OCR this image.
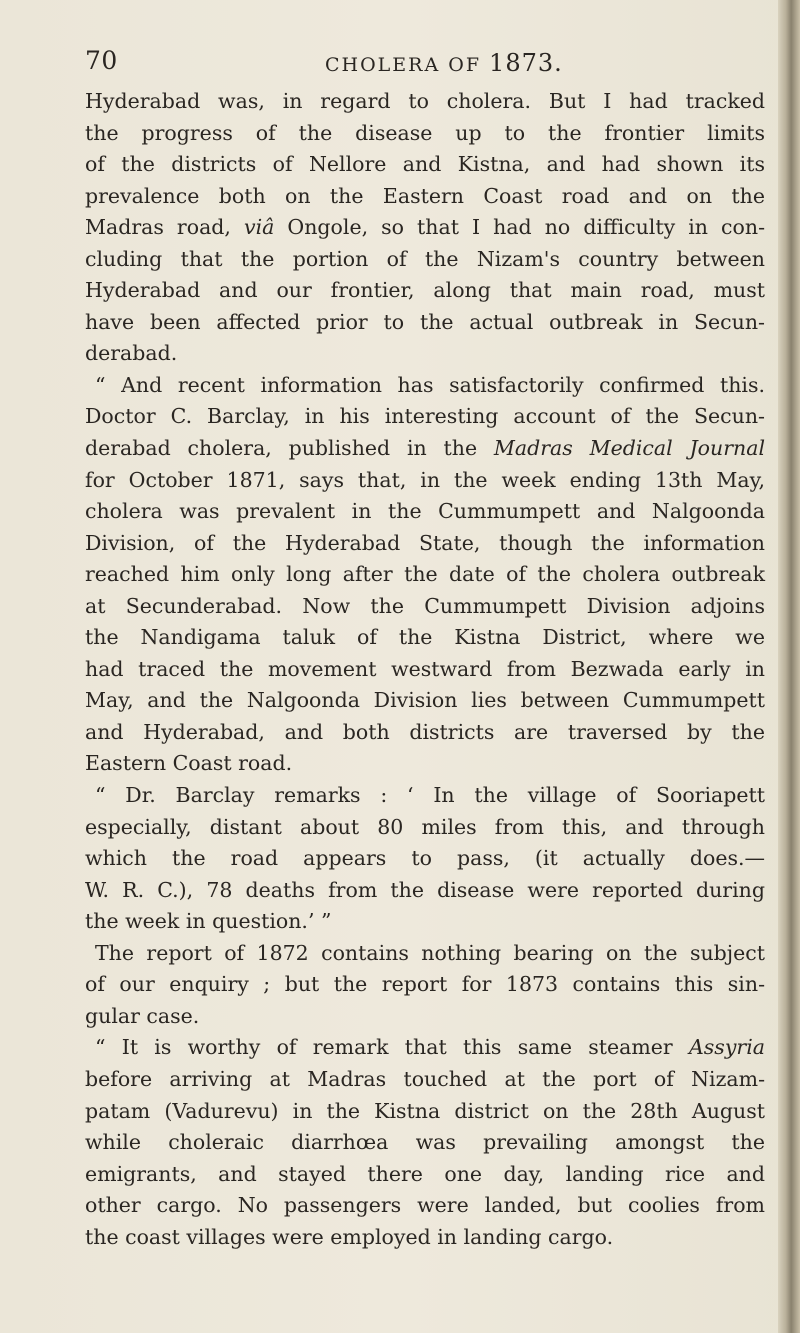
70	CHOLERA OF 1873.
Hyderabad was, in regard to cholera. But I had tracked
the progress of the disease up to the frontier limits
of the districts of Nellore and Kistna, and had shown its
prevalence both on the Eastern Coast road and on the
Madras road, viâ Ongole, so that I had no difficulty in con-
cluding that the portion of the Nizam's country between
Hyderabad and our frontier, along that main road, must
have been affected prior to the actual outbreak in Secun-
derabad.
“ And recent information has satisfactorily confirmed this.
Doctor C. Barclay, in his interesting account of the Secun-
derabad cholera, published in the Madras Medical Journal
for October 1871, says that, in the week ending 13th May,
cholera was prevalent in the Cummumpett and Nalgoonda
Division, of the Hyderabad State, though the information
reached him only long after the date of the cholera outbreak
at Secunderabad. Now the Cummumpett Division adjoins
the Nandigama taluk of the Kistna District, where we
had traced the movement westward from Bezwada early in
May, and the Nalgoonda Division lies between Cummumpett
and Hyderabad, and both districts are traversed by the
Eastern Coast road.
“ Dr. Barclay remarks : ‘ In the village of Sooriapett
especially, distant about 80 miles from this, and through
which the road appears to pass, (it actually does.—
W. R. C.), 78 deaths from the disease were reported during
the week in question.’ ”
The report of 1872 contains nothing bearing on the subject
of our enquiry ; but the report for 1873 contains this sin-
gular case.
“ It is worthy of remark that this same steamer Assyria
before arriving at Madras touched at the port of Nizam-
patam (Vadurevu) in the Kistna district on the 28th August
while choleraic diarrhœa was prevailing amongst the
emigrants, and stayed there one day, landing rice and
other cargo. No passengers were landed, but coolies from
the coast villages were employed in landing cargo.
